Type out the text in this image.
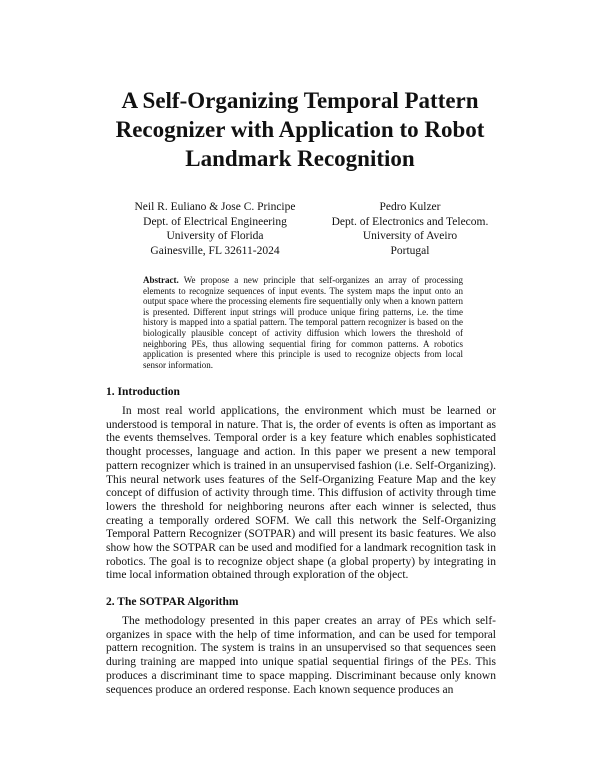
A Self-Organizing Temporal Pattern
Recognizer with Application to Robot
Landmark Recognition
Neil R. Euliano & Jose C. Principe
Dept. of Electrical Engineering
University of Florida
Gainesville, FL 32611-2024
Pedro Kulzer
Dept. of Electronics and Telecom.
University of Aveiro
Portugal
Abstract. We propose a new principle that self-organizes an array of processing elements to recognize sequences of input events. The system maps the input onto an output space where the processing elements fire sequentially only when a known pattern is presented. Different input strings will produce unique firing patterns, i.e. the time history is mapped into a spatial pattern. The temporal pattern recognizer is based on the biologically plausible concept of activity diffusion which lowers the threshold of neighboring PEs, thus allowing sequential firing for common patterns. A robotics application is presented where this principle is used to recognize objects from local sensor information.
1. Introduction
In most real world applications, the environment which must be learned or understood is temporal in nature. That is, the order of events is often as important as the events themselves. Temporal order is a key feature which enables sophisticated thought processes, language and action. In this paper we present a new temporal pattern recognizer which is trained in an unsupervised fashion (i.e. Self-Organizing). This neural network uses features of the Self-Organizing Feature Map and the key concept of diffusion of activity through time. This diffusion of activity through time lowers the threshold for neighboring neurons after each winner is selected, thus creating a temporally ordered SOFM. We call this network the Self-Organizing Temporal Pattern Recognizer (SOTPAR) and will present its basic features. We also show how the SOTPAR can be used and modified for a landmark recognition task in robotics. The goal is to recognize object shape (a global property) by integrating in time local information obtained through exploration of the object.
2. The SOTPAR Algorithm
The methodology presented in this paper creates an array of PEs which self-organizes in space with the help of time information, and can be used for temporal pattern recognition. The system is trains in an unsupervised so that sequences seen during training are mapped into unique spatial sequential firings of the PEs. This produces a discriminant time to space mapping. Discriminant because only known sequences produce an ordered response. Each known sequence produces an
